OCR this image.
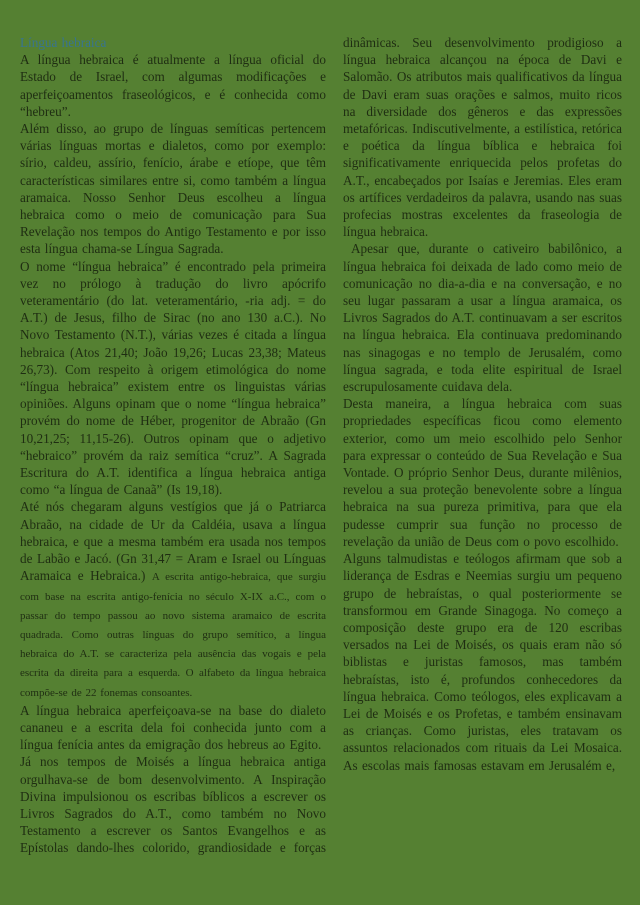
Língua hebraica

A língua hebraica é atualmente a língua oficial do Estado de Israel, com algumas modificações e aperfeiçoamentos fraseológicos, e é conhecida como “hebreu”.

Além disso, ao grupo de línguas semíticas pertencem várias línguas mortas e dialetos, como por exemplo: sírio, caldeu, assírio, fenício, árabe e etíope, que têm características similares entre si, como também a língua aramaica. Nosso Senhor Deus escolheu a língua hebraica como o meio de comunicação para Sua Revelação nos tempos do Antigo Testamento e por isso esta língua chama-se Língua Sagrada.

O nome “língua hebraica” é encontrado pela primeira vez no prólogo à tradução do livro apócrifo veteramentário (do lat. veteramentário, -ria adj. = do A.T.) de Jesus, filho de Sirac (no ano 130 a.C.). No Novo Testamento (N.T.), várias vezes é citada a língua hebraica (Atos 21,40; João 19,26; Lucas 23,38; Mateus 26,73). Com respeito à origem etimológica do nome “língua hebraica” existem entre os linguistas várias opiniões. Alguns opinam que o nome “língua hebraica” provém do nome de Héber, progenitor de Abraão (Gn 10,21,25; 11,15-26). Outros opinam que o adjetivo “hebraico” provém da raiz semítica “cruz”. A Sagrada Escritura do A.T. identifica a língua hebraica antiga como “a língua de Canaã” (Is 19,18).

Até nós chegaram alguns vestígios que já o Patriarca Abraão, na cidade de Ur da Caldéia, usava a língua hebraica, e que a mesma também era usada nos tempos de Labão e Jacó. (Gn 31,47 = Aram e Israel ou Línguas Aramaica e Hebraica.) A escrita antigo-hebraica, que surgiu com base na escrita antigo-fenícia no século X-IX a.C., com o passar do tempo passou ao novo sistema aramaico de escrita quadrada. Como outras línguas do grupo semítico, a língua hebraica do A.T. se caracteriza pela ausência das vogais e pela escrita da direita para a esquerda. O alfabeto da língua hebraica compõe-se de 22 fonemas consoantes.

A língua hebraica aperfeiçoava-se na base do dialeto cananeu e a escrita dela foi conhecida junto com a língua fenícia antes da emigração dos hebreus ao Egito.

Já nos tempos de Moisés a língua hebraica antiga orgulhava-se de bom desenvolvimento. A Inspiração Divina impulsionou os escribas bíblicos a escrever os Livros Sagrados do A.T., como também no Novo Testamento a escrever os Santos Evangelhos e as Epístolas dando-lhes colorido, grandiosidade e forças

dinâmicas. Seu desenvolvimento prodigioso a língua hebraica alcançou na época de Davi e Salomão. Os atributos mais qualificativos da língua de Davi eram suas orações e salmos, muito ricos na diversidade dos gêneros e das expressões metafóricas. Indiscutivelmente, a estilística, retórica e poética da língua bíblica e hebraica foi significativamente enriquecida pelos profetas do A.T., encabeçados por Isaías e Jeremias. Eles eram os artífices verdadeiros da palavra, usando nas suas profecias mostras excelentes da fraseologia de língua hebraica.

Apesar que, durante o cativeiro babilônico, a língua hebraica foi deixada de lado como meio de comunicação no dia-a-dia e na conversação, e no seu lugar passaram a usar a língua aramaica, os Livros Sagrados do A.T. continuavam a ser escritos na língua hebraica. Ela continuava predominando nas sinagogas e no templo de Jerusalém, como língua sagrada, e toda elite espiritual de Israel escrupulosamente cuidava dela.

Desta maneira, a língua hebraica com suas propriedades específicas ficou como elemento exterior, como um meio escolhido pelo Senhor para expressar o conteúdo de Sua Revelação e Sua Vontade. O próprio Senhor Deus, durante milênios, revelou a sua proteção benevolente sobre a língua hebraica na sua pureza primitiva, para que ela pudesse cumprir sua função no processo de revelação da união de Deus com o povo escolhido.

Alguns talmudistas e teólogos afirmam que sob a liderança de Esdras e Neemias surgiu um pequeno grupo de hebraístas, o qual posteriormente se transformou em Grande Sinagoga. No começo a composição deste grupo era de 120 escribas versados na Lei de Moisés, os quais eram não só biblistas e juristas famosos, mas também hebraístas, isto é, profundos conhecedores da língua hebraica. Como teólogos, eles explicavam a Lei de Moisés e os Profetas, e também ensinavam as crianças. Como juristas, eles tratavam os assuntos relacionados com rituais da Lei Mosaica. As escolas mais famosas estavam em Jerusalém e,
